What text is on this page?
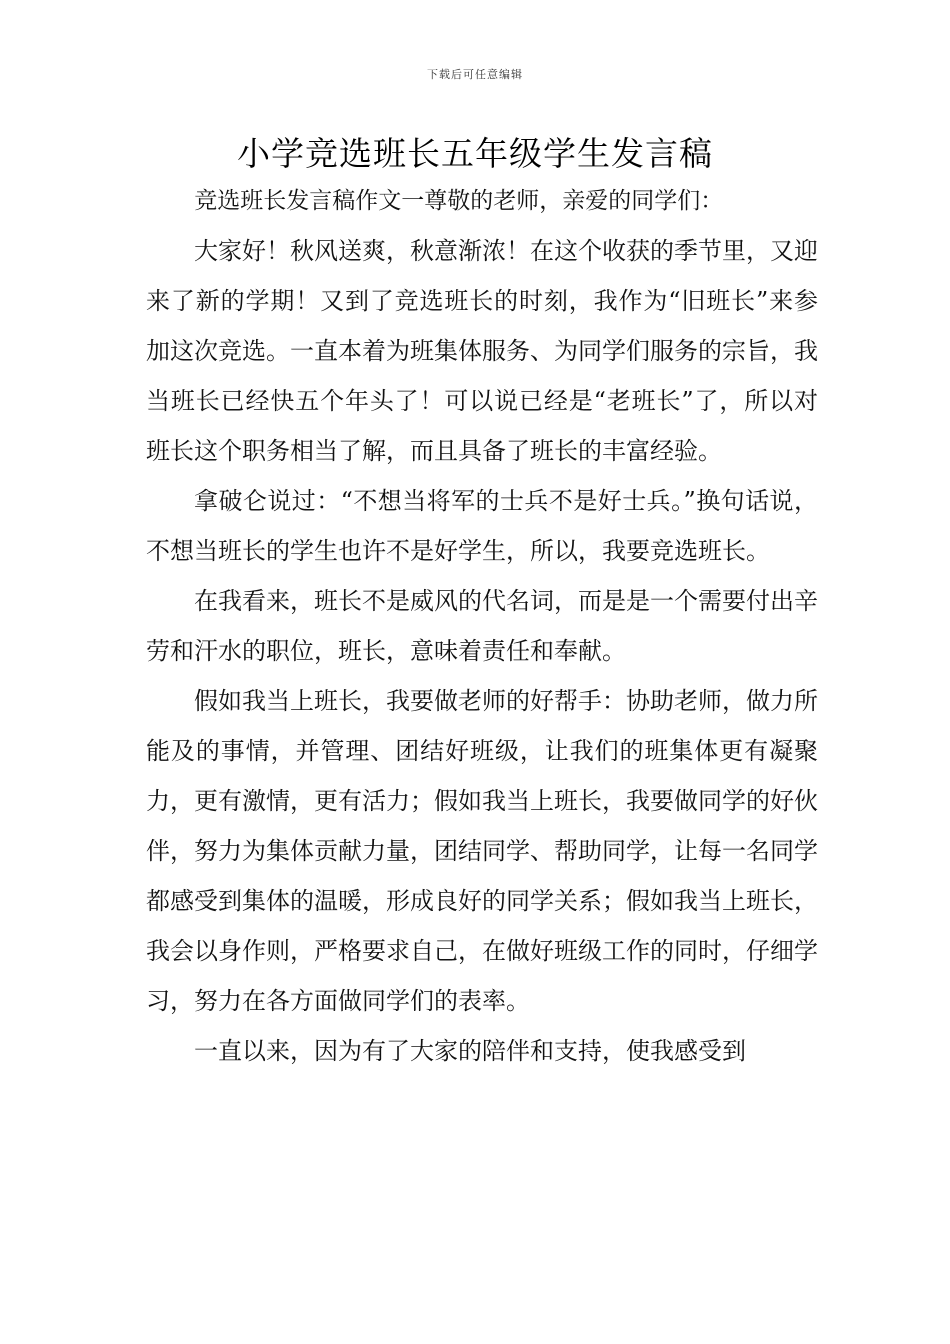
下载后可任意编辑
小学竞选班长五年级学生发言稿

竞选班长发言稿作文一尊敬的老师，亲爱的同学们：

大家好！秋风送爽，秋意渐浓！在这个收获的季节里，又迎来了新的学期！又到了竞选班长的时刻，我作为“旧班长”来参加这次竞选。一直本着为班集体服务、为同学们服务的宗旨，我当班长已经快五个年头了！可以说已经是“老班长”了，所以对班长这个职务相当了解，而且具备了班长的丰富经验。

拿破仑说过：“不想当将军的士兵不是好士兵。”换句话说，不想当班长的学生也许不是好学生，所以，我要竞选班长。

在我看来，班长不是威风的代名词，而是是一个需要付出辛劳和汗水的职位，班长，意味着责任和奉献。

假如我当上班长，我要做老师的好帮手：协助老师，做力所能及的事情，并管理、团结好班级，让我们的班集体更有凝聚力，更有激情，更有活力；假如我当上班长，我要做同学的好伙伴，努力为集体贡献力量，团结同学、帮助同学，让每一名同学都感受到集体的温暖，形成良好的同学关系；假如我当上班长，我会以身作则，严格要求自己，在做好班级工作的同时，仔细学习，努力在各方面做同学们的表率。

一直以来，因为有了大家的陪伴和支持，使我感受到
